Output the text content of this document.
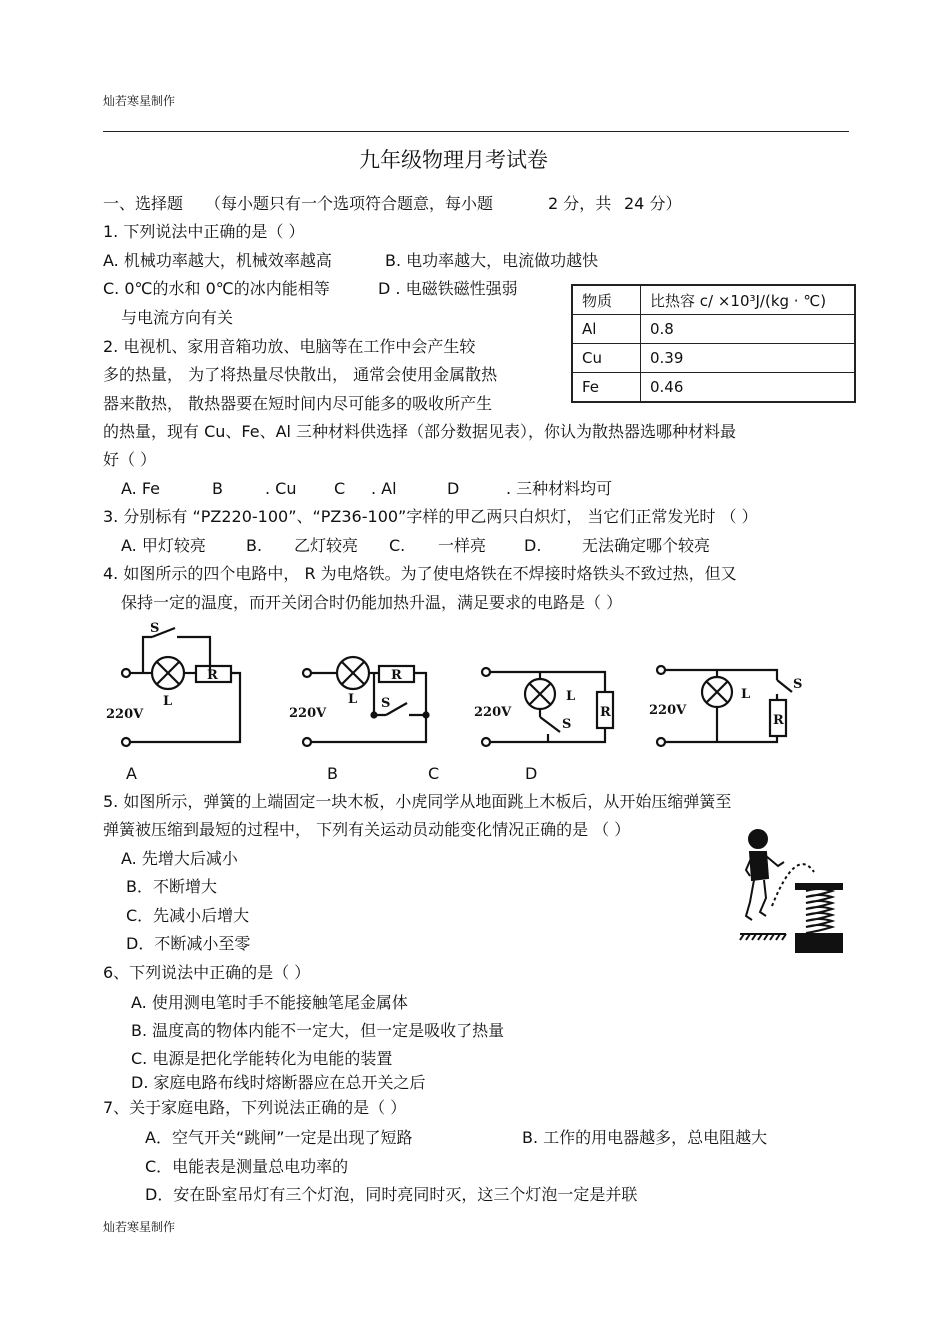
灿若寒星制作
九年级物理月考试卷
一、选择题 （每小题只有一个选项符合题意，每小题	2 分，共 24 分）
1. 下列说法中正确的是（ ）
A. 机械功率越大，机械效率越高	B. 电功率越大，电流做功越快
C. 0℃的水和 0℃的冰内能相等	D . 电磁铁磁性强弱
与电流方向有关
物质	比热容 c/ ×10³J/(kg · ℃)
Al	0.8
Cu	0.39
Fe	0.46
2. 电视机、家用音箱功放、电脑等在工作中会产生较
多的热量， 为了将热量尽快散出， 通常会使用金属散热
器来散热， 散热器要在短时间内尽可能多的吸收所产生
的热量，现有 Cu、Fe、Al 三种材料供选择（部分数据见表），你认为散热器选哪种材料最
好（ ）
A. Fe	B	. Cu C . Al	D	. 三种材料均可
3. 分别标有 “PZ220-100”、“PZ36-100”字样的甲乙两只白炽灯， 当它们正常发光时 （ ）
A. 甲灯较亮	B. 乙灯较亮 C. 一样亮 D.	无法确定哪个较亮
4. 如图所示的四个电路中， R 为电烙铁。为了使电烙铁在不焊接时烙铁头不致过热，但又
保持一定的温度，而开关闭合时仍能加热升温，满足要求的电路是（ ）
S
L
R
220V
L
R
S
220V
L
R
S
220V
L
R
S
220V
A	B	C	D
5. 如图所示，弹簧的上端固定一块木板，小虎同学从地面跳上木板后，从开始压缩弹簧至
弹簧被压缩到最短的过程中， 下列有关运动员动能变化情况正确的是 （ ）
A. 先增大后减小
B．不断增大
C．先减小后增大
D．不断减小至零
6、下列说法中正确的是（ ）
A. 使用测电笔时手不能接触笔尾金属体
B. 温度高的物体内能不一定大，但一定是吸收了热量
C. 电源是把化学能转化为电能的装置
D. 家庭电路布线时熔断器应在总开关之后
7、关于家庭电路，下列说法正确的是（ ）
A．空气开关“跳闸”一定是出现了短路	B. 工作的用电器越多，总电阻越大
C．电能表是测量总电功率的
D．安在卧室吊灯有三个灯泡，同时亮同时灭，这三个灯泡一定是并联
灿若寒星制作
